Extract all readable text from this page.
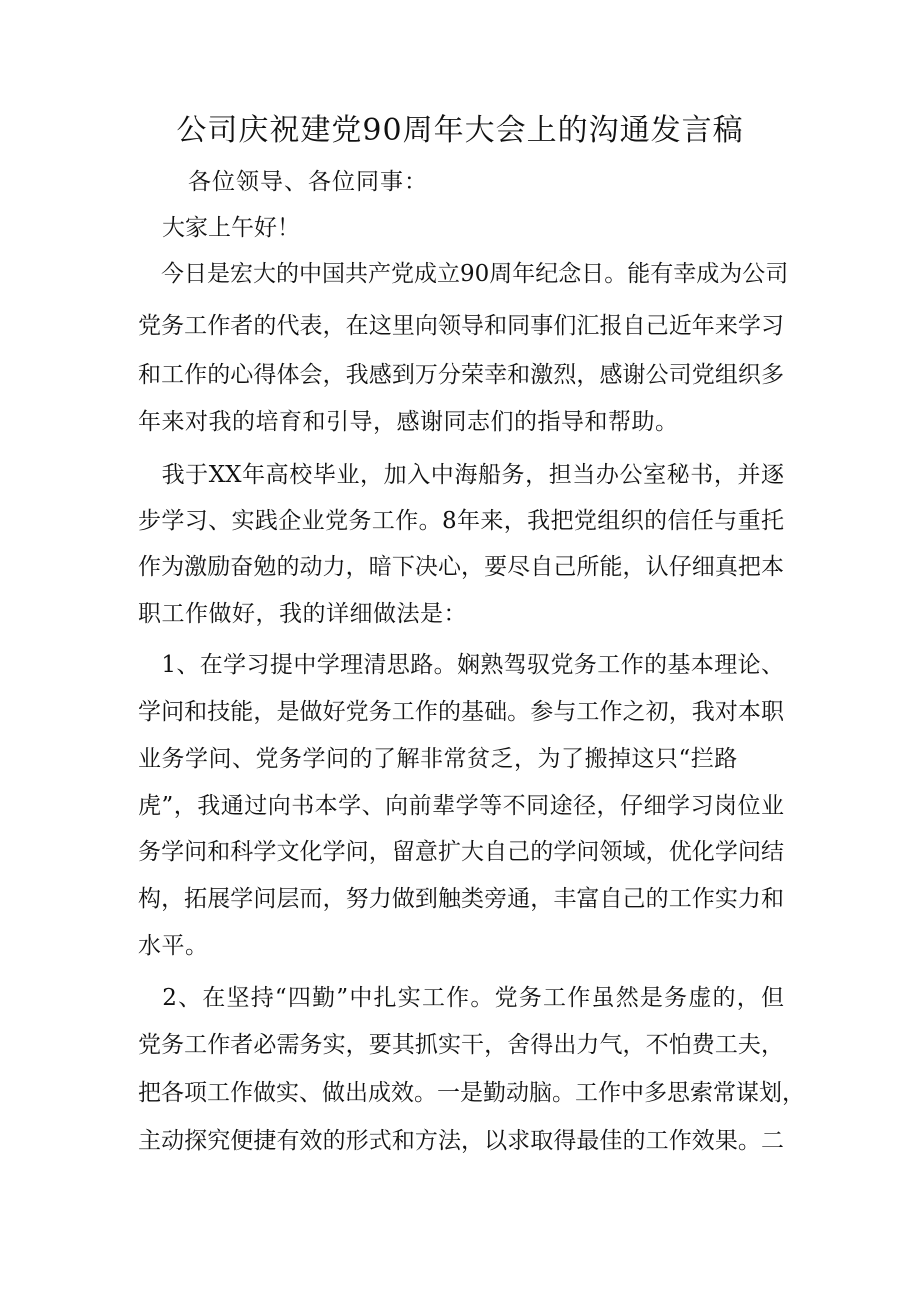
公司庆祝建党90周年大会上的沟通发言稿
各位领导、各位同事：
大家上午好！
　今日是宏大的中国共产党成立90周年纪念日。能有幸成为公司
党务工作者的代表，在这里向领导和同事们汇报自己近年来学习
和工作的心得体会，我感到万分荣幸和激烈，感谢公司党组织多
年来对我的培育和引导，感谢同志们的指导和帮助。
　我于XX年高校毕业，加入中海船务，担当办公室秘书，并逐
步学习、实践企业党务工作。8年来，我把党组织的信任与重托
作为激励奋勉的动力，暗下决心，要尽自己所能，认仔细真把本
职工作做好，我的详细做法是：
　1、在学习提中学理清思路。娴熟驾驭党务工作的基本理论、
学问和技能，是做好党务工作的基础。参与工作之初，我对本职
业务学问、党务学问的了解非常贫乏，为了搬掉这只“拦路
虎”，我通过向书本学、向前辈学等不同途径，仔细学习岗位业
务学问和科学文化学问，留意扩大自己的学问领域，优化学问结
构，拓展学问层而，努力做到触类旁通，丰富自己的工作实力和
水平。
　2、在坚持“四勤”中扎实工作。党务工作虽然是务虚的，但
党务工作者必需务实，要其抓实干，舍得出力气，不怕费工夫，
把各项工作做实、做出成效。一是勤动脑。工作中多思索常谋划，
主动探究便捷有效的形式和方法，以求取得最佳的工作效果。二
